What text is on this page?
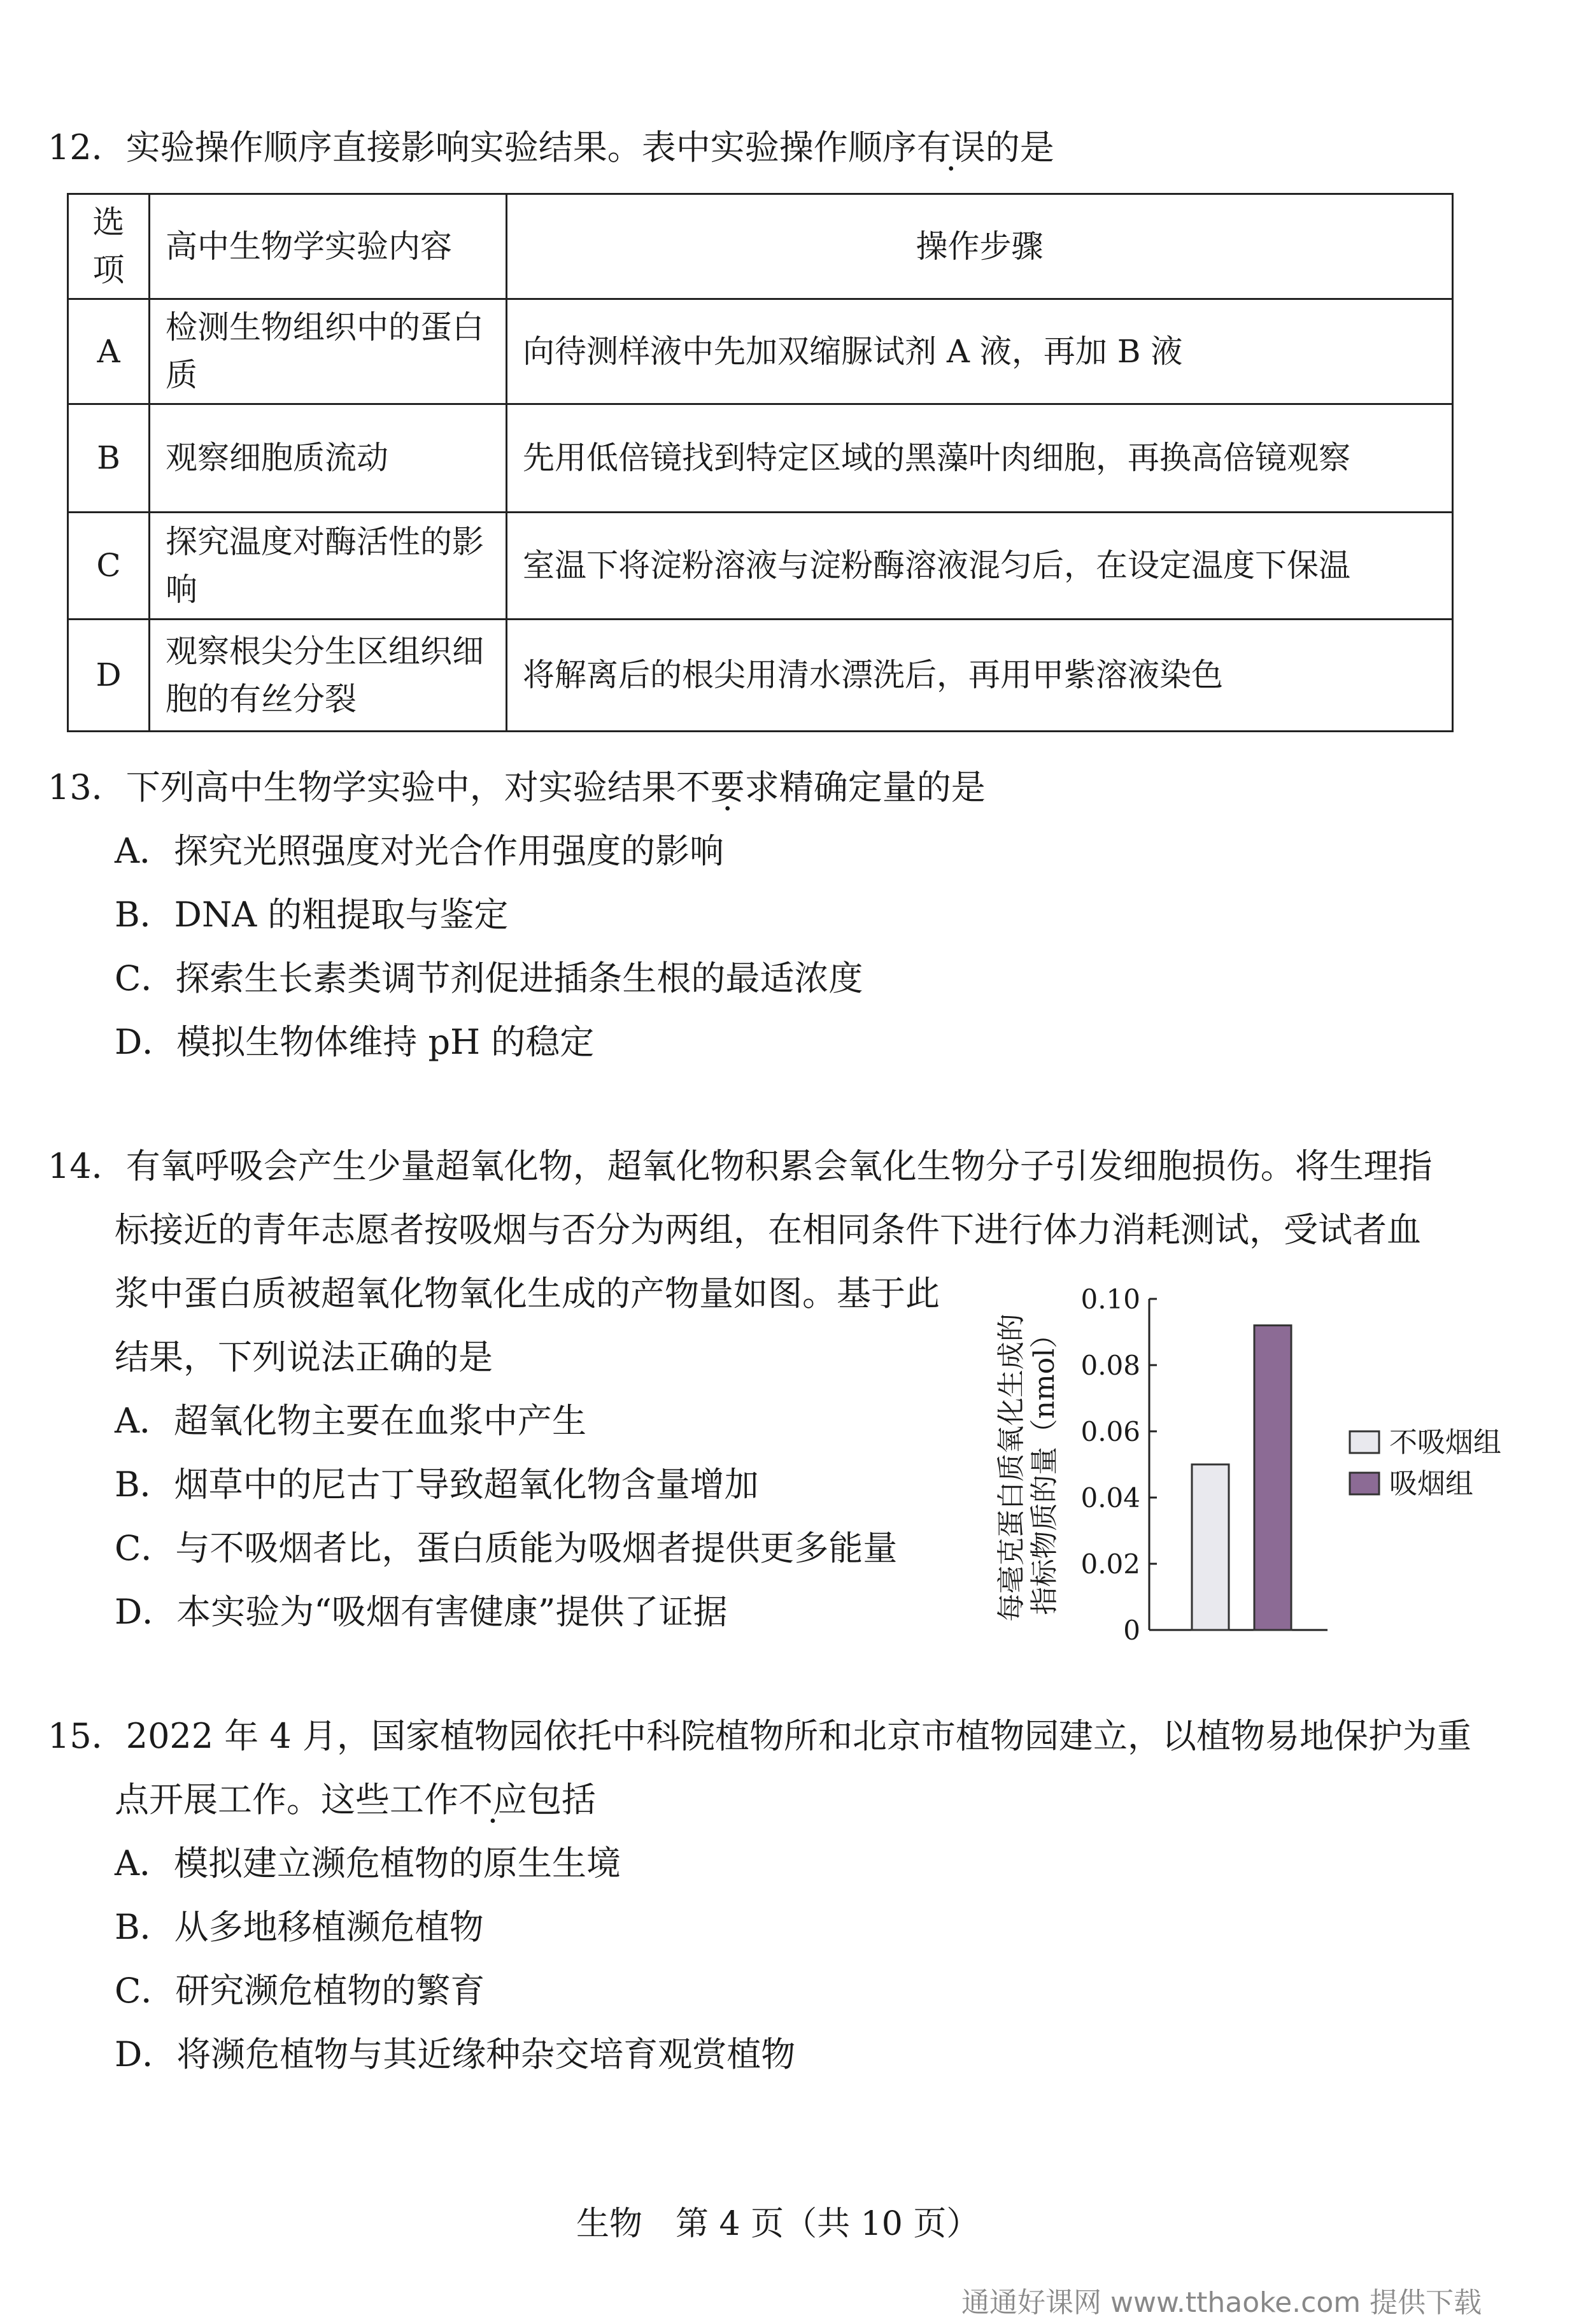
12．实验操作顺序直接影响实验结果。表中实验操作顺序有误的是
选项	高中生物学实验内容	操作步骤
A	检测生物组织中的蛋白质	向待测样液中先加双缩脲试剂 A 液，再加 B 液
B	观察细胞质流动	先用低倍镜找到特定区域的黑藻叶肉细胞，再换高倍镜观察
C	探究温度对酶活性的影响	室温下将淀粉溶液与淀粉酶溶液混匀后，在设定温度下保温
D	观察根尖分生区组织细胞的有丝分裂	将解离后的根尖用清水漂洗后，再用甲紫溶液染色
13．下列高中生物学实验中，对实验结果不要求精确定量的是
A．探究光照强度对光合作用强度的影响
B．DNA 的粗提取与鉴定
C．探索生长素类调节剂促进插条生根的最适浓度
D．模拟生物体维持 pH 的稳定
14．有氧呼吸会产生少量超氧化物，超氧化物积累会氧化生物分子引发细胞损伤。将生理指
标接近的青年志愿者按吸烟与否分为两组，在相同条件下进行体力消耗测试，受试者血
浆中蛋白质被超氧化物氧化生成的产物量如图。基于此
结果，下列说法正确的是
A．超氧化物主要在血浆中产生
B．烟草中的尼古丁导致超氧化物含量增加
C．与不吸烟者比，蛋白质能为吸烟者提供更多能量
D．本实验为“吸烟有害健康”提供了证据	每毫克蛋白质氧化生成的 指标物质的量（nmol）
0
0.02
0.04
0.06
0.08
0.10
不吸烟组
吸烟组
15．2022 年 4 月，国家植物园依托中科院植物所和北京市植物园建立，以植物易地保护为重
点开展工作。这些工作不应包括
A．模拟建立濒危植物的原生生境
B．从多地移植濒危植物
C．研究濒危植物的繁育
D．将濒危植物与其近缘种杂交培育观赏植物
生物　第 4 页（共 10 页）
通通好课网 www.tthaoke.com 提供下载
